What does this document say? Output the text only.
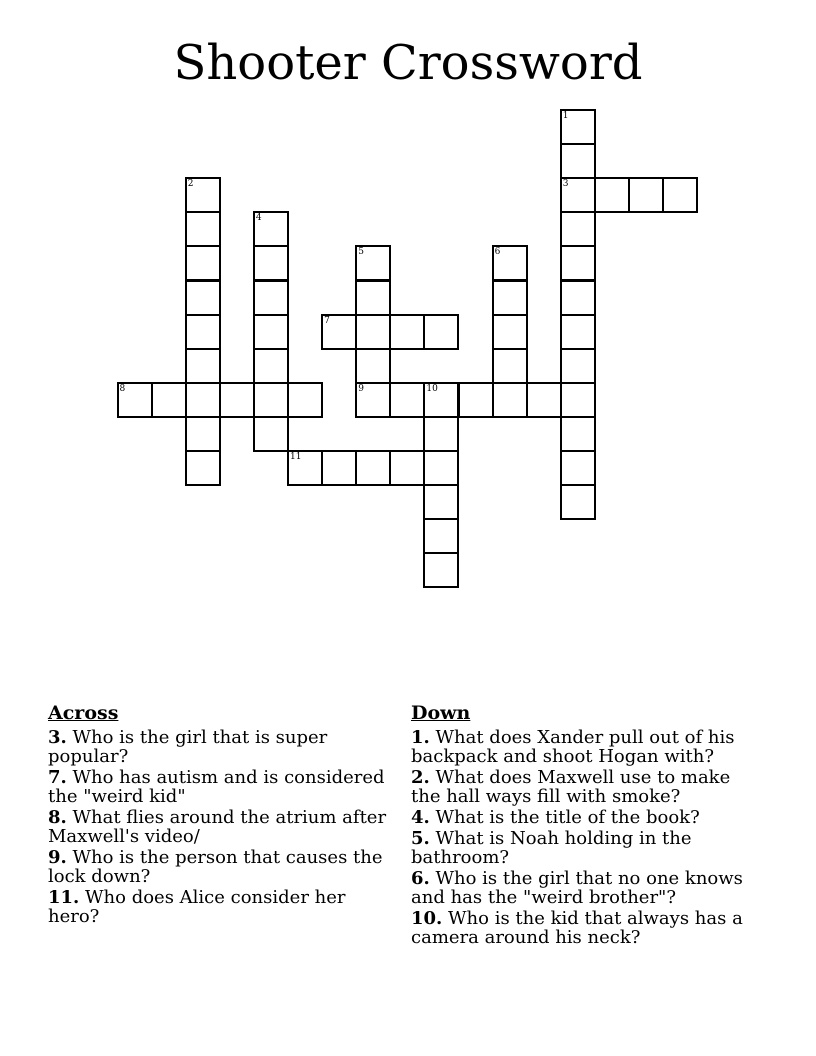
Shooter Crossword
1
3
2
4
5
9
6
10
7
8
11
Across
3. Who is the girl that is super popular?
7. Who has autism and is considered the "weird kid"
8. What flies around the atrium after Maxwell's video/
9. Who is the person that causes the lock down?
11. Who does Alice consider her hero?
Down
1. What does Xander pull out of his backpack and shoot Hogan with?
2. What does Maxwell use to make the hall ways fill with smoke?
4. What is the title of the book?
5. What is Noah holding in the bathroom?
6. Who is the girl that no one knows and has the "weird brother"?
10. Who is the kid that always has a camera around his neck?
